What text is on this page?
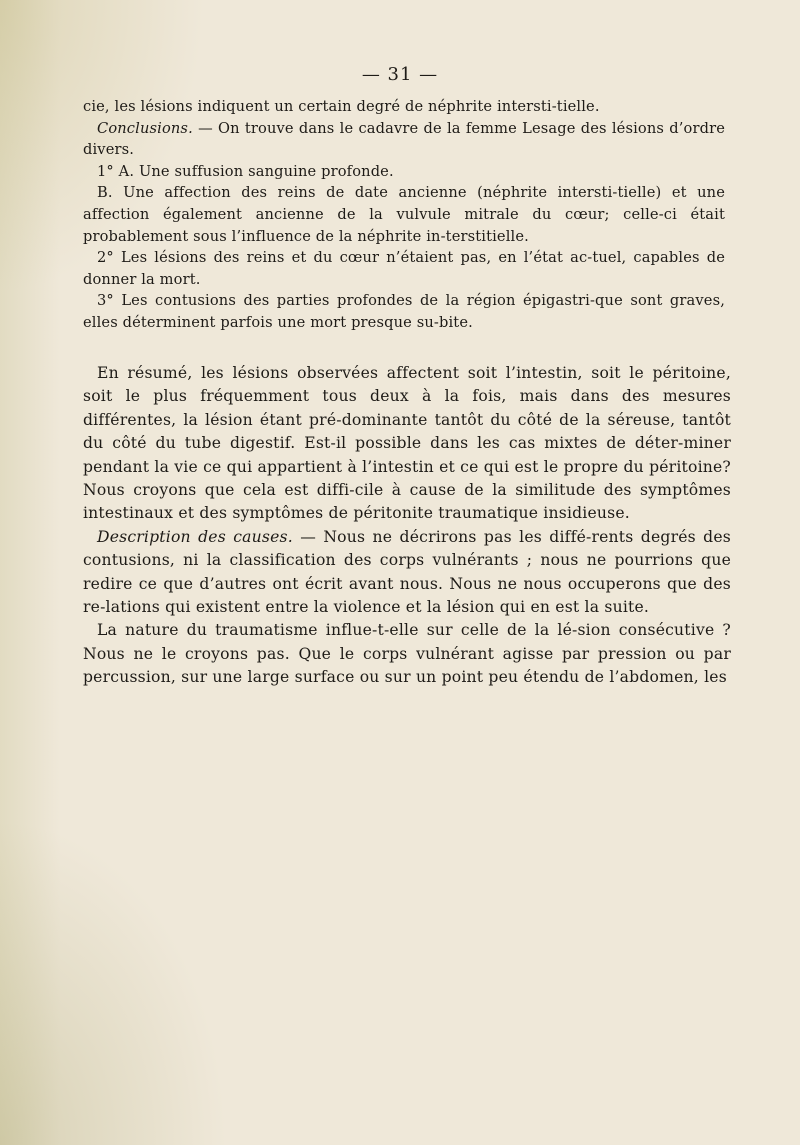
— 31 —

cie, les lésions indiquent un certain degré de néphrite intersti-tielle.

Conclusions. — On trouve dans le cadavre de la femme Lesage des lésions d’ordre divers.

1° A. Une suffusion sanguine profonde.

B. Une affection des reins de date ancienne (néphrite intersti-tielle) et une affection également ancienne de la vulvule mitrale du cœur; celle-ci était probablement sous l’influence de la néphrite in-terstitielle.

2° Les lésions des reins et du cœur n’étaient pas, en l’état ac-tuel, capables de donner la mort.

3° Les contusions des parties profondes de la région épigastri-que sont graves, elles déterminent parfois une mort presque su-bite.

En résumé, les lésions observées affectent soit l’intestin, soit le péritoine, soit le plus fréquemment tous deux à la fois, mais dans des mesures différentes, la lésion étant pré-dominante tantôt du côté de la séreuse, tantôt du côté du tube digestif. Est-il possible dans les cas mixtes de déter-miner pendant la vie ce qui appartient à l’intestin et ce qui est le propre du péritoine? Nous croyons que cela est diffi-cile à cause de la similitude des symptômes intestinaux et des symptômes de péritonite traumatique insidieuse.

Description des causes. — Nous ne décrirons pas les diffé-rents degrés des contusions, ni la classification des corps vulnérants ; nous ne pourrions que redire ce que d’autres ont écrit avant nous. Nous ne nous occuperons que des re-lations qui existent entre la violence et la lésion qui en est la suite.

La nature du traumatisme influe-t-elle sur celle de la lé-sion consécutive ? Nous ne le croyons pas. Que le corps vulnérant agisse par pression ou par percussion, sur une large surface ou sur un point peu étendu de l’abdomen, les
